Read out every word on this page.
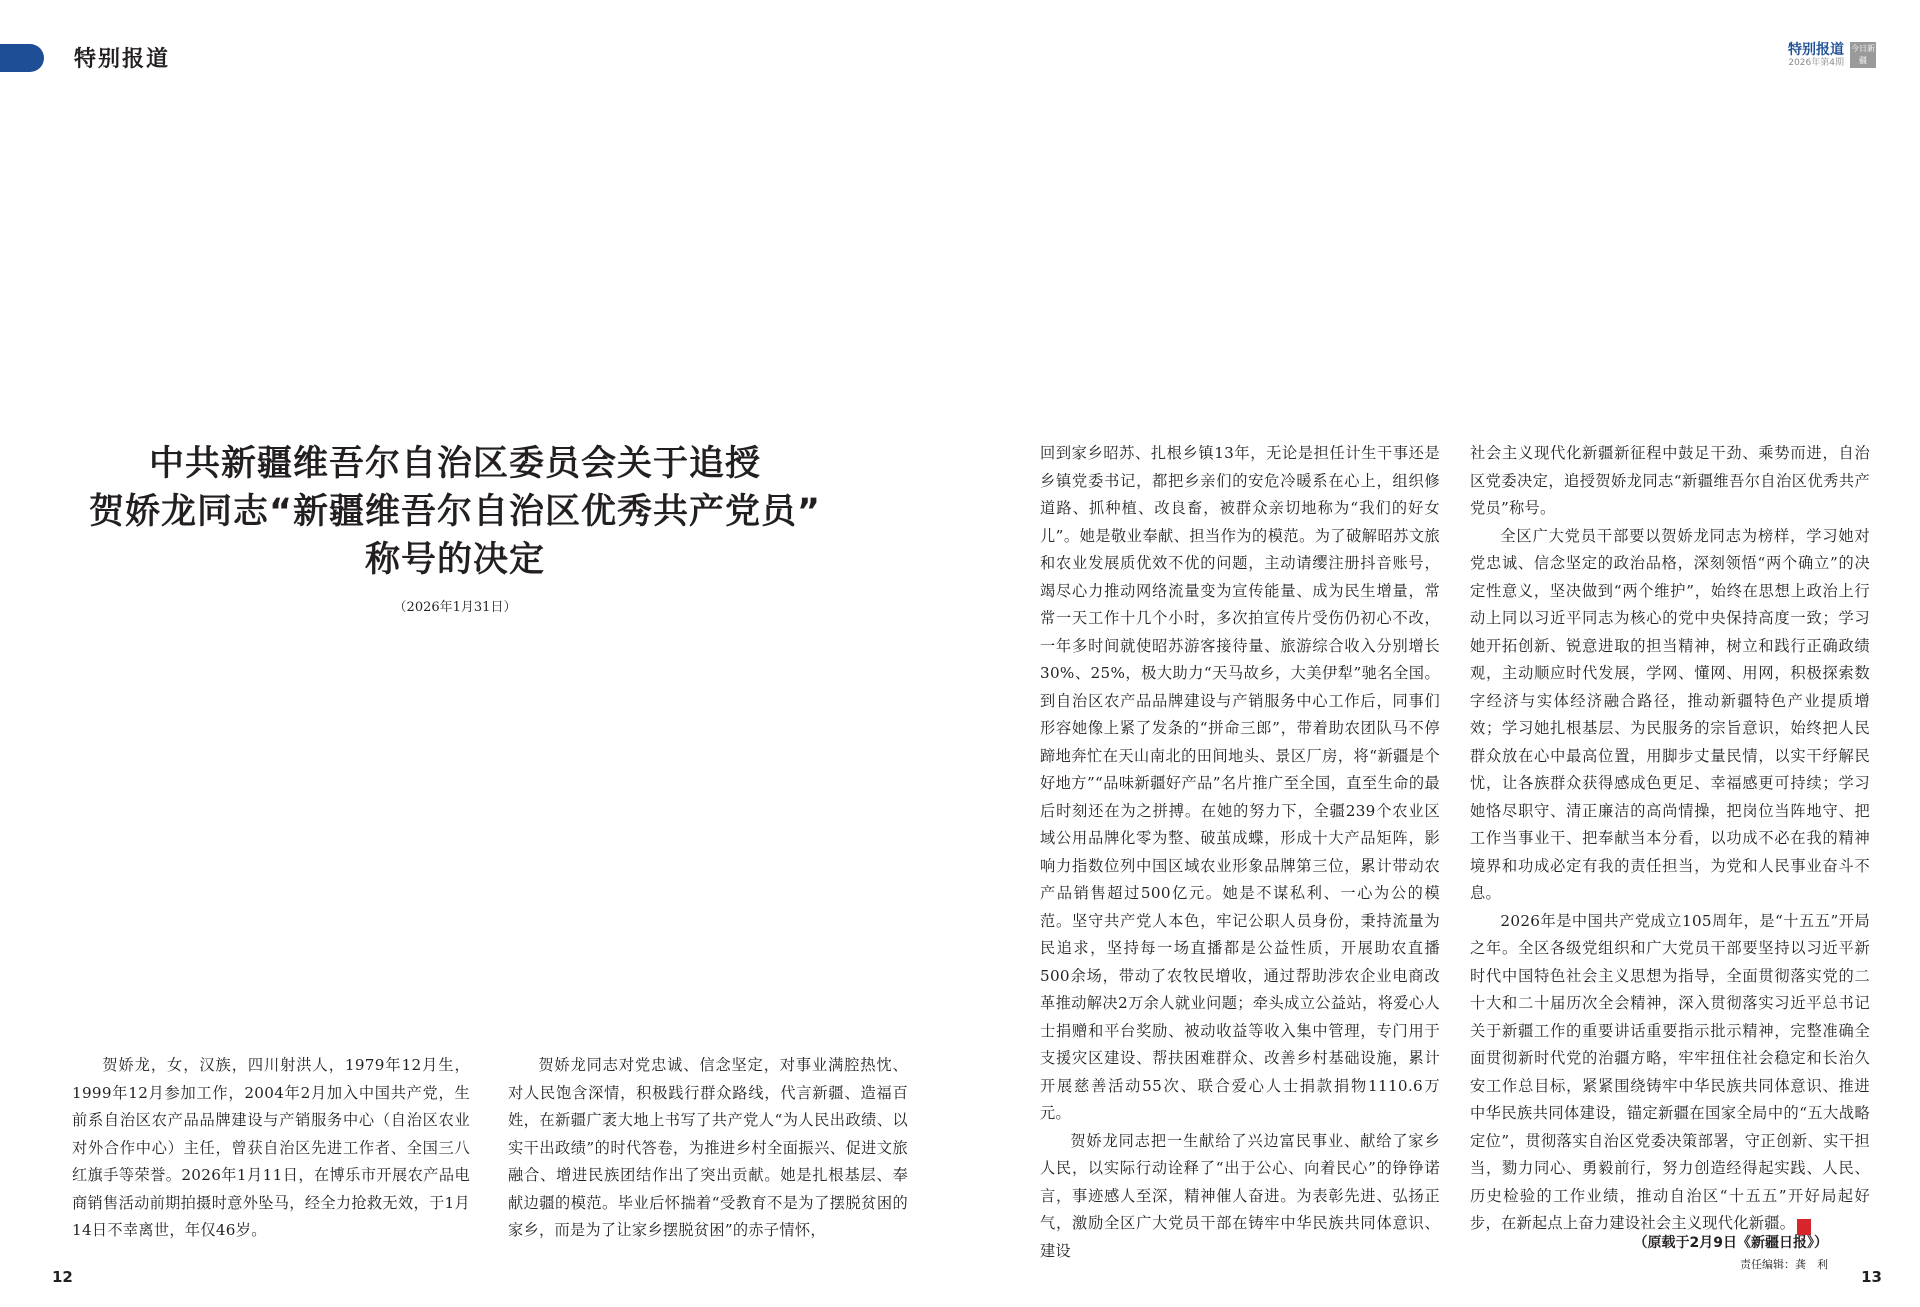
特别报道
中共新疆维吾尔自治区委员会关于追授
贺娇龙同志“新疆维吾尔自治区优秀共产党员”
称号的决定
（2026年1月31日）

贺娇龙，女，汉族，四川射洪人，1979年12月生，1999年12月参加工作，2004年2月加入中国共产党，生前系自治区农产品品牌建设与产销服务中心（自治区农业对外合作中心）主任，曾获自治区先进工作者、全国三八红旗手等荣誉。2026年1月11日，在博乐市开展农产品电商销售活动前期拍摄时意外坠马，经全力抢救无效，于1月14日不幸离世，年仅46岁。

贺娇龙同志对党忠诚、信念坚定，对事业满腔热忱、对人民饱含深情，积极践行群众路线，代言新疆、造福百姓，在新疆广袤大地上书写了共产党人“为人民出政绩、以实干出政绩”的时代答卷，为推进乡村全面振兴、促进文旅融合、增进民族团结作出了突出贡献。她是扎根基层、奉献边疆的模范。毕业后怀揣着“受教育不是为了摆脱贫困的家乡，而是为了让家乡摆脱贫困”的赤子情怀，

12
特别报道
2026年第4期
今日新疆

回到家乡昭苏、扎根乡镇13年，无论是担任计生干事还是乡镇党委书记，都把乡亲们的安危冷暖系在心上，组织修道路、抓种植、改良畜，被群众亲切地称为“我们的好女儿”。她是敬业奉献、担当作为的模范。为了破解昭苏文旅和农业发展质优效不优的问题，主动请缨注册抖音账号，竭尽心力推动网络流量变为宣传能量、成为民生增量，常常一天工作十几个小时，多次拍宣传片受伤仍初心不改，一年多时间就使昭苏游客接待量、旅游综合收入分别增长30%、25%，极大助力“天马故乡，大美伊犁”驰名全国。到自治区农产品品牌建设与产销服务中心工作后，同事们形容她像上紧了发条的“拼命三郎”，带着助农团队马不停蹄地奔忙在天山南北的田间地头、景区厂房，将“新疆是个好地方”“品味新疆好产品”名片推广至全国，直至生命的最后时刻还在为之拼搏。在她的努力下，全疆239个农业区域公用品牌化零为整、破茧成蝶，形成十大产品矩阵，影响力指数位列中国区域农业形象品牌第三位，累计带动农产品销售超过500亿元。她是不谋私利、一心为公的模范。坚守共产党人本色，牢记公职人员身份，秉持流量为民追求，坚持每一场直播都是公益性质，开展助农直播500余场，带动了农牧民增收，通过帮助涉农企业电商改革推动解决2万余人就业问题；牵头成立公益站，将爱心人士捐赠和平台奖励、被动收益等收入集中管理，专门用于支援灾区建设、帮扶困难群众、改善乡村基础设施，累计开展慈善活动55次、联合爱心人士捐款捐物1110.6万元。

贺娇龙同志把一生献给了兴边富民事业、献给了家乡人民，以实际行动诠释了“出于公心、向着民心”的铮铮诺言，事迹感人至深，精神催人奋进。为表彰先进、弘扬正气，激励全区广大党员干部在铸牢中华民族共同体意识、建设

社会主义现代化新疆新征程中鼓足干劲、乘势而进，自治区党委决定，追授贺娇龙同志“新疆维吾尔自治区优秀共产党员”称号。

全区广大党员干部要以贺娇龙同志为榜样，学习她对党忠诚、信念坚定的政治品格，深刻领悟“两个确立”的决定性意义，坚决做到“两个维护”，始终在思想上政治上行动上同以习近平同志为核心的党中央保持高度一致；学习她开拓创新、锐意进取的担当精神，树立和践行正确政绩观，主动顺应时代发展，学网、懂网、用网，积极探索数字经济与实体经济融合路径，推动新疆特色产业提质增效；学习她扎根基层、为民服务的宗旨意识，始终把人民群众放在心中最高位置，用脚步丈量民情，以实干纾解民忧，让各族群众获得感成色更足、幸福感更可持续；学习她恪尽职守、清正廉洁的高尚情操，把岗位当阵地守、把工作当事业干、把奉献当本分看，以功成不必在我的精神境界和功成必定有我的责任担当，为党和人民事业奋斗不息。

2026年是中国共产党成立105周年，是“十五五”开局之年。全区各级党组织和广大党员干部要坚持以习近平新时代中国特色社会主义思想为指导，全面贯彻落实党的二十大和二十届历次全会精神，深入贯彻落实习近平总书记关于新疆工作的重要讲话重要指示批示精神，完整准确全面贯彻新时代党的治疆方略，牢牢扭住社会稳定和长治久安工作总目标，紧紧围绕铸牢中华民族共同体意识、推进中华民族共同体建设，锚定新疆在国家全局中的“五大战略定位”，贯彻落实自治区党委决策部署，守正创新、实干担当，勠力同心、勇毅前行，努力创造经得起实践、人民、历史检验的工作业绩，推动自治区“十五五”开好局起好步，在新起点上奋力建设社会主义现代化新疆。	J

（原载于2月9日《新疆日报》）
责任编辑：龚　利
13
